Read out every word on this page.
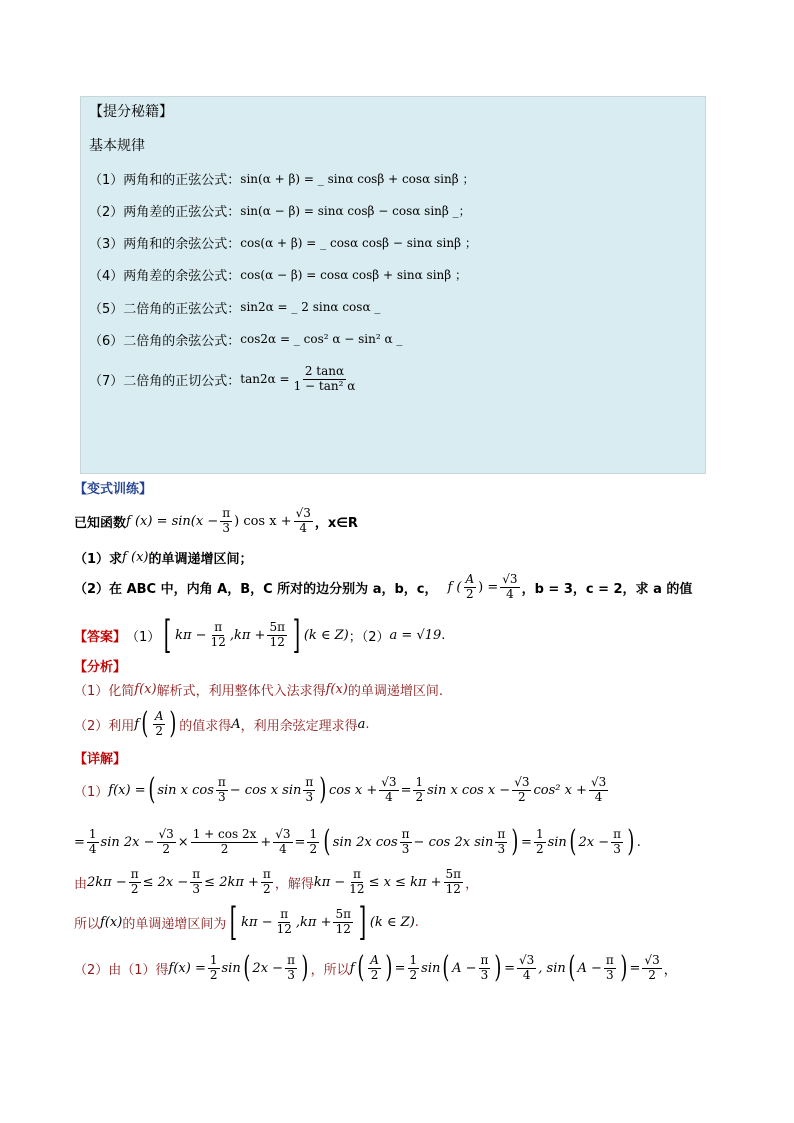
【提分秘籍】
基本规律
（1）两角和的正弦公式： sin(α + β) = _ sinα cosβ + cosα sinβ ；
（2）两角差的正弦公式： sin(α − β) = sinα cosβ − cosα sinβ _；
（3）两角和的余弦公式： cos(α + β) = _ cosα cosβ − sinα sinβ ；
（4）两角差的余弦公式： cos(α − β) = cosα cosβ + sinα sinβ ；
（5）二倍角的正弦公式： sin2α = _ 2 sinα cosα _
（6）二倍角的余弦公式： cos2α = _ cos² α − sin² α _
（7）二倍角的正切公式： $\tan 2\alpha = \frac{2 \tan\alpha}{\text{1 − tan² α}}$
【变式训练】
已知函数 f $(x) = \sin(x - \frac{\pi}{3}$ ) $\cos x + \frac{√3}{4}$ ，x∈R
（1）求 f (x) 的单调递增区间；
（2）在 ABC 中，内角 A，B，C 所对的边分别为 a，b，c， f ( $\frac{A}{2}$ ) = $\frac{√3}{4}$ ，b = 3，c = 2，求 a 的值
【答案】 （1） [ $k\pi - \frac{\pi}{12} ,k\pi + \frac{5\pi}{12}$ ] (k ∈ Z) ；（2） a = √19 .
【分析】
（1）化简 f(x) 解析式，利用整体代入法求得 f(x) 的单调递增区间.
（2）利用 f ( $\frac{A}{2}$ ) 的值求得 A ，利用余弦定理求得 a .
【详解】
（1） f(x) = ( sin x $\cos \frac{\pi}{3} - \cos x$ $\sin \frac{\pi}{3}$ ) $\cos x + \frac{√3}{4} = \frac{1}{2}$ sin x $\cos x - \frac{√3}{2} \cos^2$ $x + \frac{√3}{4}$
= $\frac{1}{4}$ $\sin 2x - \frac{√3}{2} \times \frac{1 + \cos 2x}{2} + \frac{√3}{4} = \frac{1}{2}$ ( sin 2x $\cos \frac{\pi}{3} - \cos 2x$ $\sin \frac{\pi}{3}$ ) = $\frac{1}{2}$ sin ( $2x - \frac{\pi}{3}$ ) .
由 $2k\pi - \frac{\pi}{2} \le 2x - \frac{\pi}{3} \le 2k\pi + \frac{\pi}{2}$ ，解得 $k\pi - \frac{\pi}{12} \le x \le k\pi + \frac{5\pi}{12}$ ，
所以 f(x) 的单调递增区间为 [ $k\pi - \frac{\pi}{12} ,k\pi + \frac{5\pi}{12}$ ] (k ∈ Z) .
（2）由（1）得 $f(x) = \frac{1}{2}$ sin ( $2x - \frac{\pi}{3}$ ) ，所以 f ( $\frac{A}{2}$ ) = $\frac{1}{2}$ sin ( $A - \frac{\pi}{3}$ ) = $\frac{√3}{4}$ , sin ( $A - \frac{\pi}{3}$ ) = $\frac{√3}{2}$ ，
